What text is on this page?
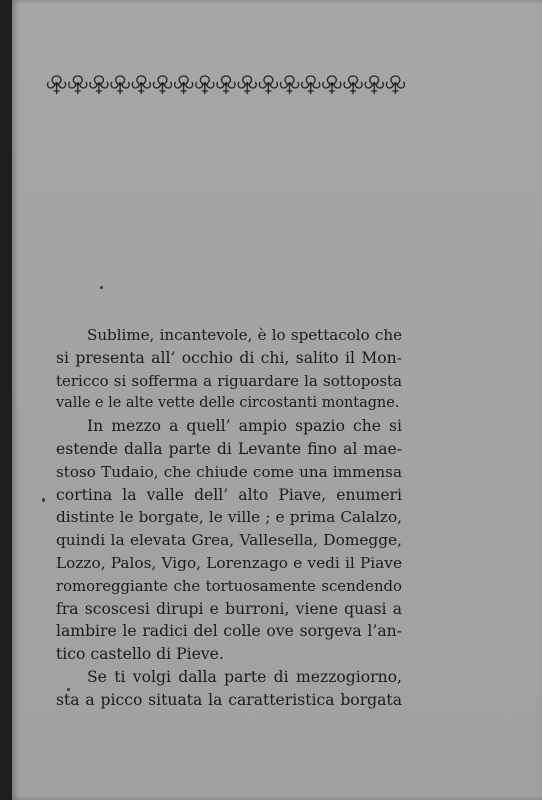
Sublime, incantevole, è lo spettacolo che
si presenta all’ occhio di chi, salito il Mon-
tericco si sofferma a riguardare la sottoposta
valle e le alte vette delle circostanti montagne.

In mezzo a quell’ ampio spazio che si
estende dalla parte di Levante fino al mae-
stoso Tudaio, che chiude come una immensa
cortina la valle dell’ alto Piave, enumeri
distinte le borgate, le ville ; e prima Calalzo,
quindi la elevata Grea, Vallesella, Domegge,
Lozzo, Palos, Vigo, Lorenzago e vedi il Piave
romoreggiante che tortuosamente scendendo
fra scoscesi dirupi e burroni, viene quasi a
lambire le radici del colle ove sorgeva l’an-
tico castello di Pieve.

Se ti volgi dalla parte di mezzogiorno,
sta a picco situata la caratteristica borgata
